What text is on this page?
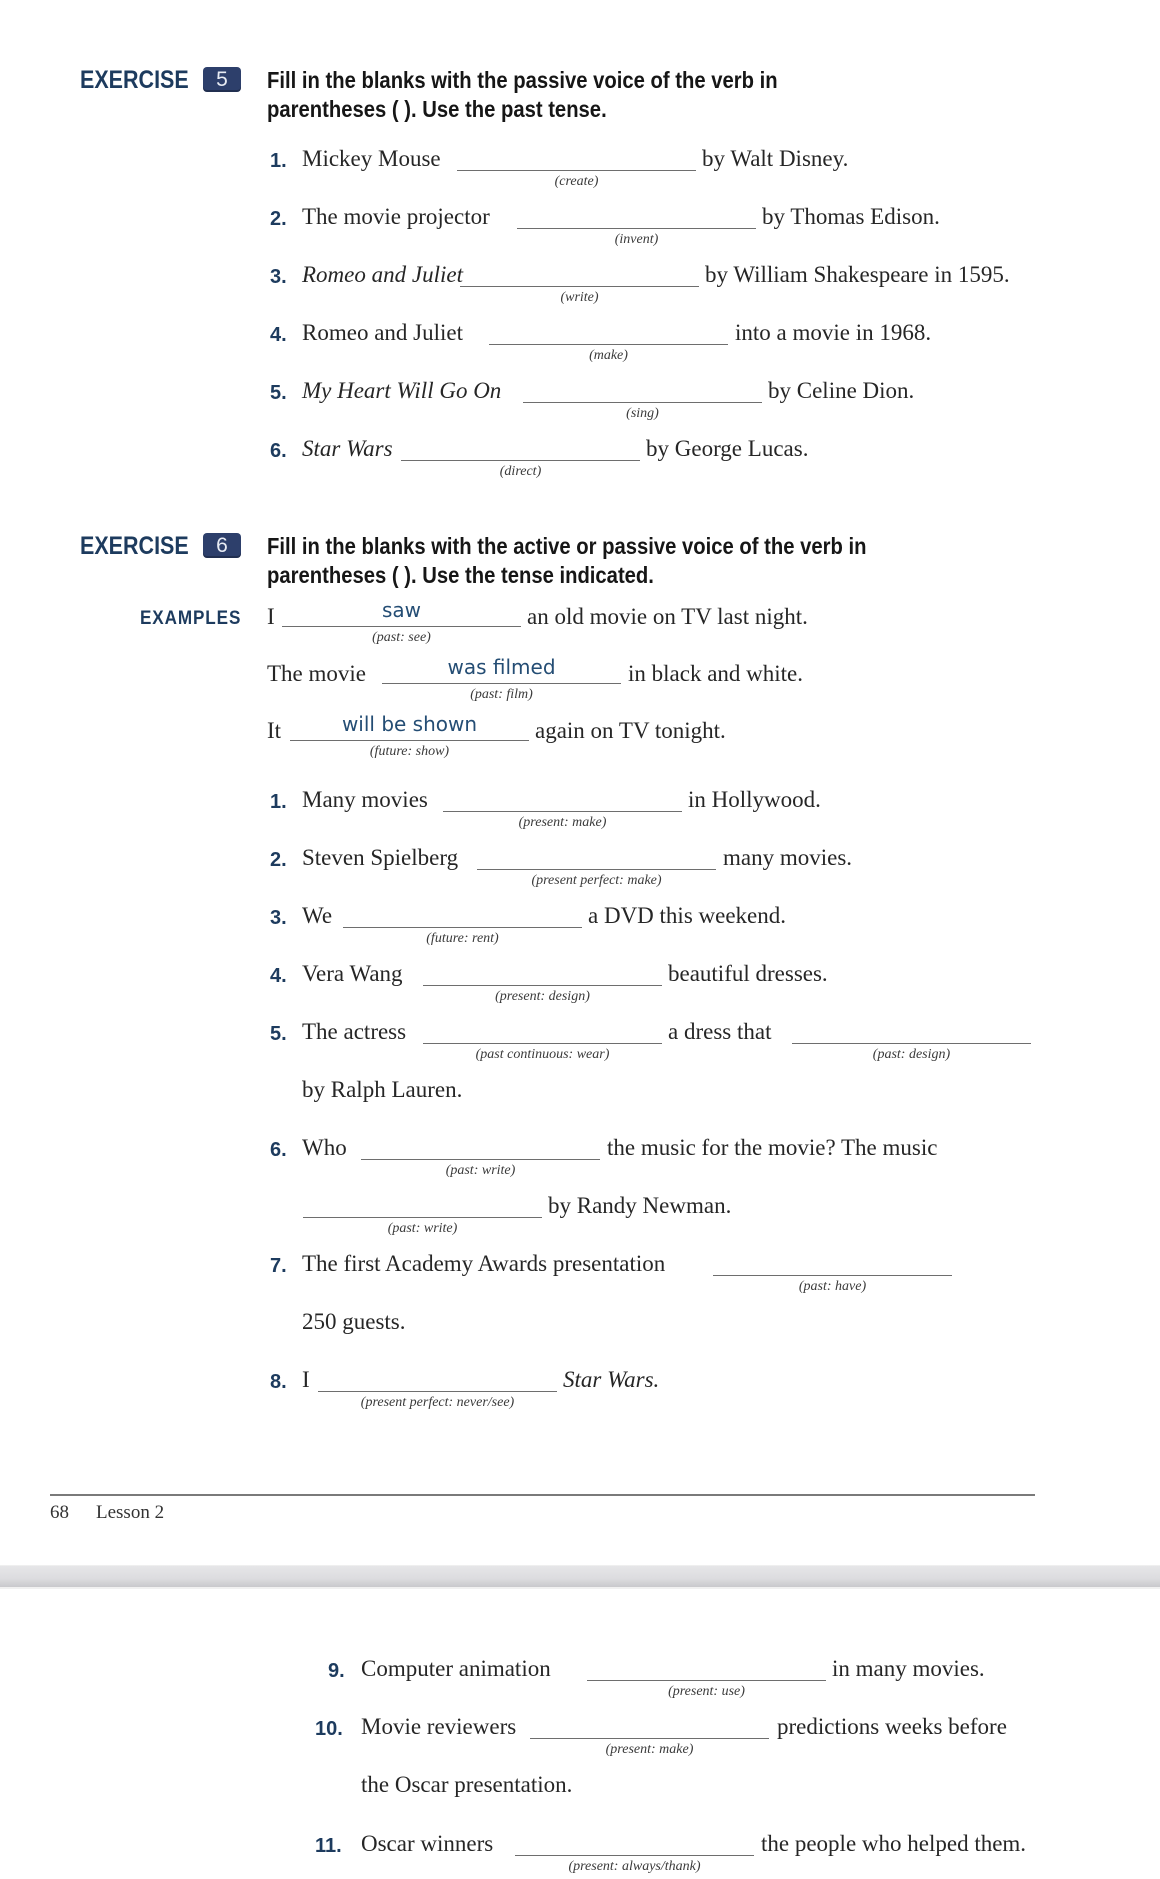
EXERCISE	5	Fill in the blanks with the passive voice of the verb in
parentheses ( ). Use the past tense.
1. Mickey Mouse
(create)
by Walt Disney.
2. The movie projector
(invent)
by Thomas Edison.
3. Romeo and Juliet
(write)
by William Shakespeare in 1595.
4. Romeo and Juliet
(make)
into a movie in 1968.
5. My Heart Will Go On
(sing)
by Celine Dion.
6. Star Wars
(direct)
by George Lucas.
EXERCISE	6	Fill in the blanks with the active or passive voice of the verb in
parentheses ( ). Use the tense indicated.
EXAMPLES I	saw
(past: see)
an old movie on TV last night.
The movie	was filmed
(past: film)
in black and white.
It	will be shown
(future: show)
again on TV tonight.
1. Many movies
(present: make)
in Hollywood.
2. Steven Spielberg
(present perfect: make)
many movies.
3. We
(future: rent)
a DVD this weekend.
4. Vera Wang
(present: design)
beautiful dresses.
5. The actress
(past continuous: wear)
a dress that
(past: design)
by Ralph Lauren.
6. Who
(past: write)
the music for the movie? The music
(past: write)
by Randy Newman.
7. The first Academy Awards presentation
(past: have)
250 guests.
8. I
(present perfect: never/see)
Star Wars.
68 Lesson 2
9. Computer animation
(present: use)
in many movies.
10. Movie reviewers
(present: make)
predictions weeks before
the Oscar presentation.
11. Oscar winners
(present: always/thank)
the people who helped them.
